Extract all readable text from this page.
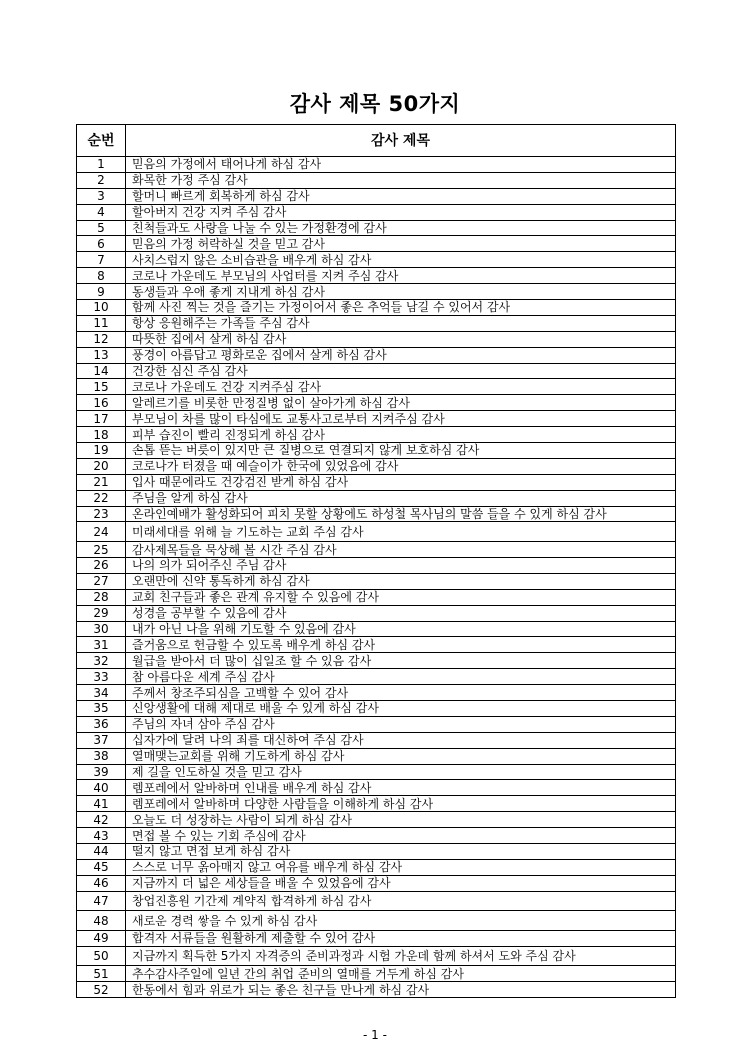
감사 제목 50가지
순번	감사 제목
1	믿음의 가정에서 태어나게 하심 감사
2	화목한 가정 주심 감사
3	할머니 빠르게 회복하게 하심 감사
4	할아버지 건강 지켜 주심 감사
5	친척들과도 사랑을 나눌 수 있는 가정환경에 감사
6	믿음의 가정 허락하실 것을 믿고 감사
7	사치스럽지 않은 소비습관을 배우게 하심 감사
8	코로나 가운데도 부모님의 사업터를 지켜 주심 감사
9	동생들과 우애 좋게 지내게 하심 감사
10	함께 사진 찍는 것을 즐기는 가정이어서 좋은 추억들 남길 수 있어서 감사
11	항상 응원해주는 가족들 주심 감사
12	따뜻한 집에서 살게 하심 감사
13	풍경이 아름답고 평화로운 집에서 살게 하심 감사
14	건강한 심신 주심 감사
15	코로나 가운데도 건강 지켜주심 감사
16	알레르기를 비롯한 만정질병 없이 살아가게 하심 감사
17	부모님이 차를 많이 타심에도 교통사고로부터 지켜주심 감사
18	피부 습진이 빨리 진정되게 하심 감사
19	손톱 뜯는 버릇이 있지만 큰 질병으로 연결되지 않게 보호하심 감사
20	코로나가 터졌을 때 예슬이가 한국에 있었음에 감사
21	입사 때문에라도 건강검진 받게 하심 감사
22	주님을 알게 하심 감사
23	온라인예배가 활성화되어 피치 못할 상황에도 하성철 목사님의 말씀 들을 수 있게 하심 감사
24	미래세대를 위해 늘 기도하는 교회 주심 감사
25	감사제목들을 묵상해 볼 시간 주심 감사
26	나의 의가 되어주신 주님 감사
27	오랜만에 신약 통독하게 하심 감사
28	교회 친구들과 좋은 관계 유지할 수 있음에 감사
29	성경을 공부할 수 있음에 감사
30	내가 아닌 나을 위해 기도할 수 있음에 감사
31	즐거움으로 헌금할 수 있도록 배우게 하심 감사
32	월급을 받아서 더 많이 십일조 할 수 있음 감사
33	참 아름다운 세계 주심 감사
34	주께서 창조주되심을 고백할 수 있어 감사
35	신앙생활에 대해 제대로 배울 수 있게 하심 감사
36	주님의 자녀 삼아 주심 감사
37	십자가에 달려 나의 죄를 대신하여 주심 감사
38	열매맺는교회를 위해 기도하게 하심 감사
39	제 길을 인도하실 것을 믿고 감사
40	렘포레에서 알바하며 인내를 배우게 하심 감사
41	렘포레에서 알바하며 다양한 사람들을 이해하게 하심 감사
42	오늘도 더 성장하는 사람이 되게 하심 감사
43	면접 볼 수 있는 기회 주심에 감사
44	떨지 않고 면접 보게 하심 감사
45	스스로 너무 옭아매지 않고 여유를 배우게 하심 감사
46	지금까지 더 넓은 세상들을 배울 수 있었음에 감사
47	창업진흥원 기간제 계약직 합격하게 하심 감사
48	새로운 경력 쌓을 수 있게 하심 감사
49	합격자 서류들을 원활하게 제출할 수 있어 감사
50	지금까지 획득한 5가지 자격증의 준비과정과 시험 가운데 함께 하셔서 도와 주심 감사
51	추수감사주일에 일년 간의 취업 준비의 열매를 거두게 하심 감사
52	한동에서 힘과 위로가 되는 좋은 친구들 만나게 하심 감사
- 1 -
